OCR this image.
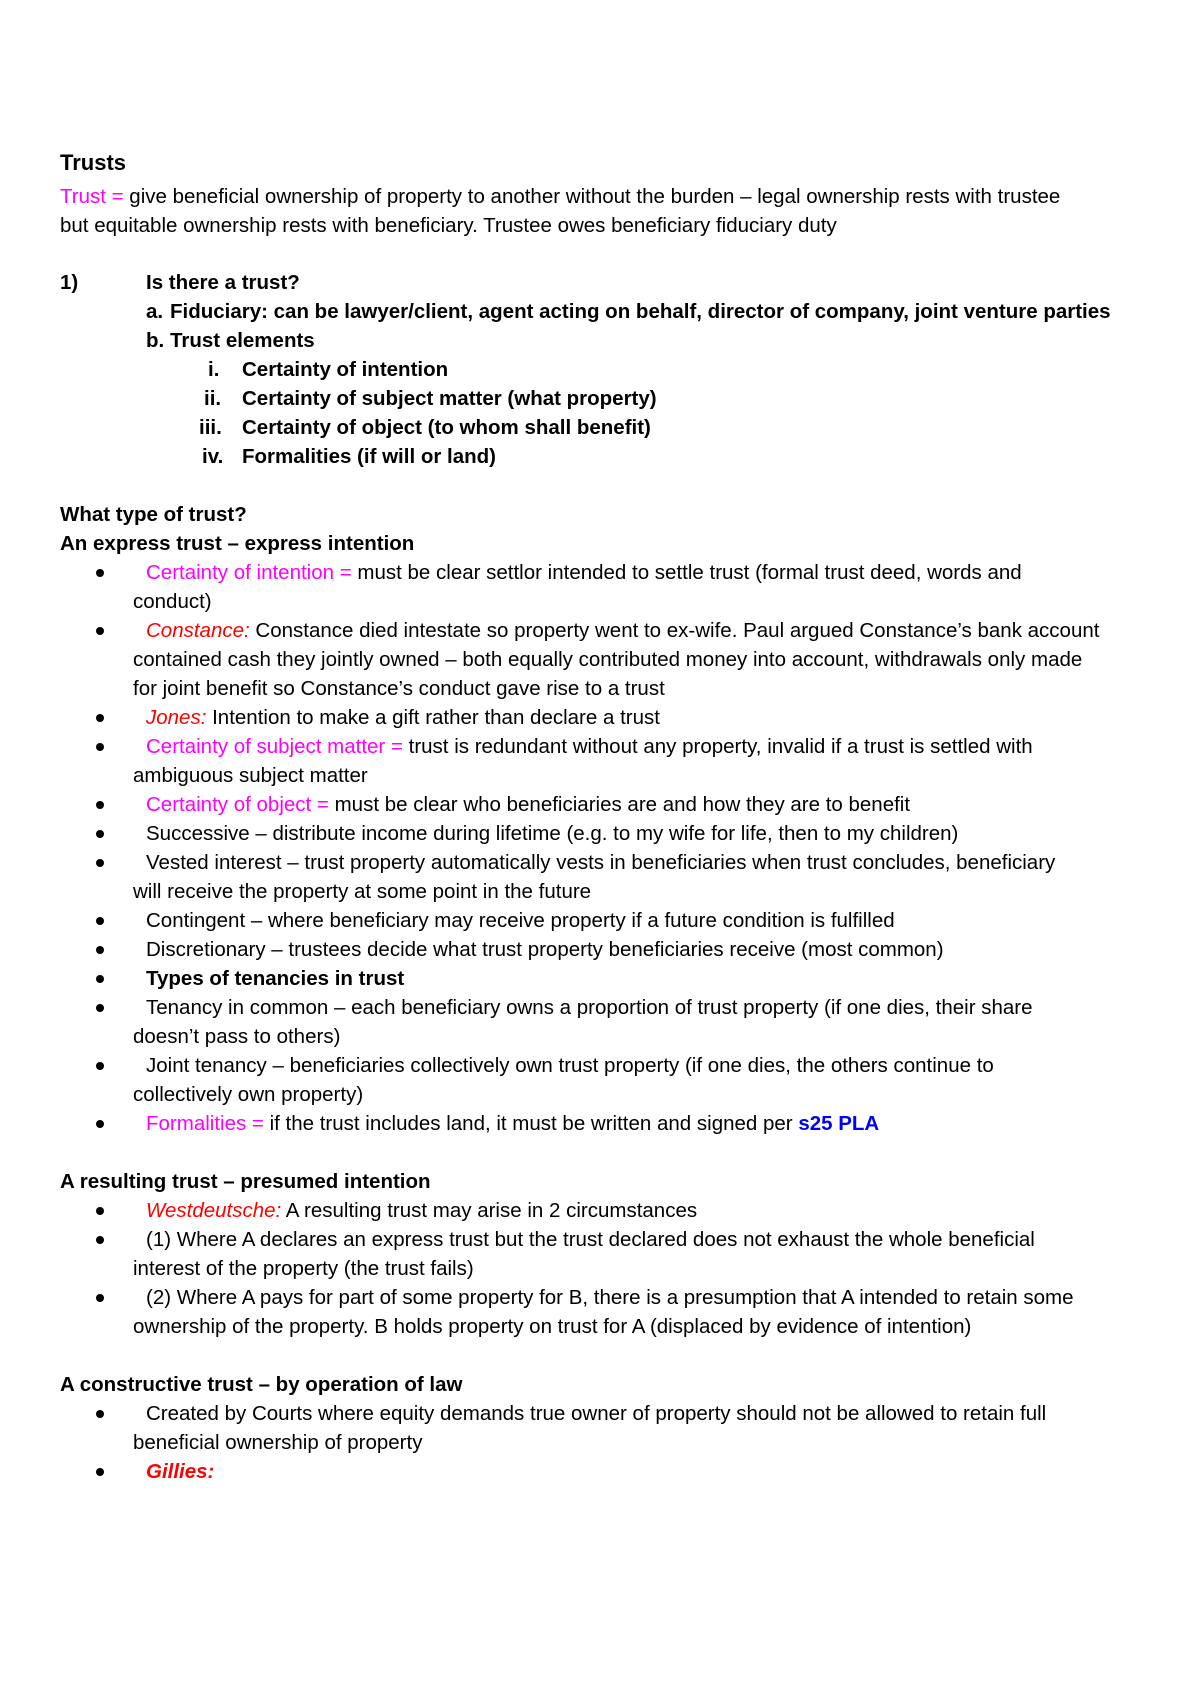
Trusts
Trust = give beneficial ownership of property to another without the burden – legal ownership rests with trustee
but equitable ownership rests with beneficiary. Trustee owes beneficiary fiduciary duty
1)	Is there a trust?
a. Fiduciary: can be lawyer/client, agent acting on behalf, director of company, joint venture parties
b. Trust elements
i. Certainty of intention
ii. Certainty of subject matter (what property)
iii. Certainty of object (to whom shall benefit)
iv. Formalities (if will or land)
What type of trust?
An express trust – express intention
Certainty of intention = must be clear settlor intended to settle trust (formal trust deed, words and
conduct)
Constance: Constance died intestate so property went to ex-wife. Paul argued Constance’s bank account
contained cash they jointly owned – both equally contributed money into account, withdrawals only made
for joint benefit so Constance’s conduct gave rise to a trust
Jones: Intention to make a gift rather than declare a trust
Certainty of subject matter = trust is redundant without any property, invalid if a trust is settled with
ambiguous subject matter
Certainty of object = must be clear who beneficiaries are and how they are to benefit
Successive – distribute income during lifetime (e.g. to my wife for life, then to my children)
Vested interest – trust property automatically vests in beneficiaries when trust concludes, beneficiary
will receive the property at some point in the future
Contingent – where beneficiary may receive property if a future condition is fulfilled
Discretionary – trustees decide what trust property beneficiaries receive (most common)
Types of tenancies in trust
Tenancy in common – each beneficiary owns a proportion of trust property (if one dies, their share
doesn’t pass to others)
Joint tenancy – beneficiaries collectively own trust property (if one dies, the others continue to
collectively own property)
Formalities = if the trust includes land, it must be written and signed per s25 PLA
A resulting trust – presumed intention
Westdeutsche: A resulting trust may arise in 2 circumstances
(1) Where A declares an express trust but the trust declared does not exhaust the whole beneficial
interest of the property (the trust fails)
(2) Where A pays for part of some property for B, there is a presumption that A intended to retain some
ownership of the property. B holds property on trust for A (displaced by evidence of intention)
A constructive trust – by operation of law
Created by Courts where equity demands true owner of property should not be allowed to retain full
beneficial ownership of property
Gillies:
